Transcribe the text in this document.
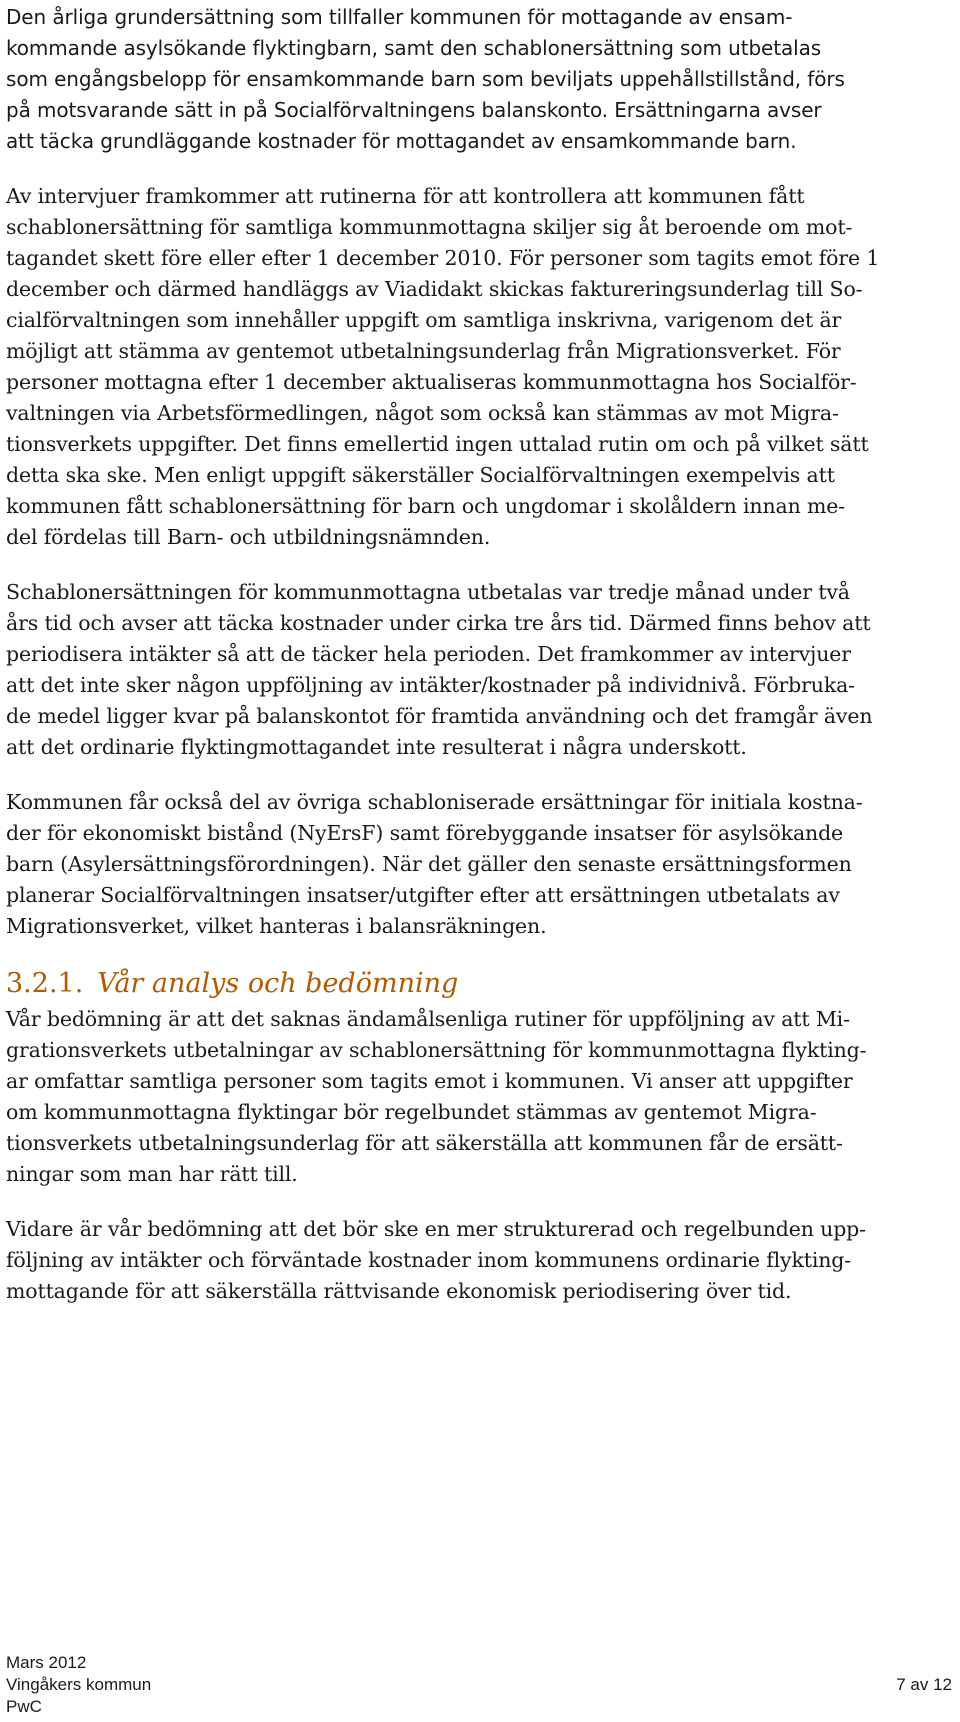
Den årliga grundersättning som tillfaller kommunen för mottagande av ensam-
kommande asylsökande flyktingbarn, samt den schablonersättning som utbetalas
som engångsbelopp för ensamkommande barn som beviljats uppehållstillstånd, förs
på motsvarande sätt in på Socialförvaltningens balanskonto. Ersättningarna avser
att täcka grundläggande kostnader för mottagandet av ensamkommande barn.

Av intervjuer framkommer att rutinerna för att kontrollera att kommunen fått
schablonersättning för samtliga kommunmottagna skiljer sig åt beroende om mot-
tagandet skett före eller efter 1 december 2010. För personer som tagits emot före 1
december och därmed handläggs av Viadidakt skickas faktureringsunderlag till So-
cialförvaltningen som innehåller uppgift om samtliga inskrivna, varigenom det är
möjligt att stämma av gentemot utbetalningsunderlag från Migrationsverket. För
personer mottagna efter 1 december aktualiseras kommunmottagna hos Socialför-
valtningen via Arbetsförmedlingen, något som också kan stämmas av mot Migra-
tionsverkets uppgifter. Det finns emellertid ingen uttalad rutin om och på vilket sätt
detta ska ske. Men enligt uppgift säkerställer Socialförvaltningen exempelvis att
kommunen fått schablonersättning för barn och ungdomar i skolåldern innan me-
del fördelas till Barn- och utbildningsnämnden.

Schablonersättningen för kommunmottagna utbetalas var tredje månad under två
års tid och avser att täcka kostnader under cirka tre års tid. Därmed finns behov att
periodisera intäkter så att de täcker hela perioden. Det framkommer av intervjuer
att det inte sker någon uppföljning av intäkter/kostnader på individnivå. Förbruka-
de medel ligger kvar på balanskontot för framtida användning och det framgår även
att det ordinarie flyktingmottagandet inte resulterat i några underskott.

Kommunen får också del av övriga schabloniserade ersättningar för initiala kostna-
der för ekonomiskt bistånd (NyErsF) samt förebyggande insatser för asylsökande
barn (Asylersättningsförordningen). När det gäller den senaste ersättningsformen
planerar Socialförvaltningen insatser/utgifter efter att ersättningen utbetalats av
Migrationsverket, vilket hanteras i balansräkningen.

3.2.1. Vår analys och bedömning

Vår bedömning är att det saknas ändamålsenliga rutiner för uppföljning av att Mi-
grationsverkets utbetalningar av schablonersättning för kommunmottagna flykting-
ar omfattar samtliga personer som tagits emot i kommunen. Vi anser att uppgifter
om kommunmottagna flyktingar bör regelbundet stämmas av gentemot Migra-
tionsverkets utbetalningsunderlag för att säkerställa att kommunen får de ersätt-
ningar som man har rätt till.

Vidare är vår bedömning att det bör ske en mer strukturerad och regelbunden upp-
följning av intäkter och förväntade kostnader inom kommunens ordinarie flykting-
mottagande för att säkerställa rättvisande ekonomisk periodisering över tid.

Mars 2012
Vingåkers kommun
PwC
7 av 12
